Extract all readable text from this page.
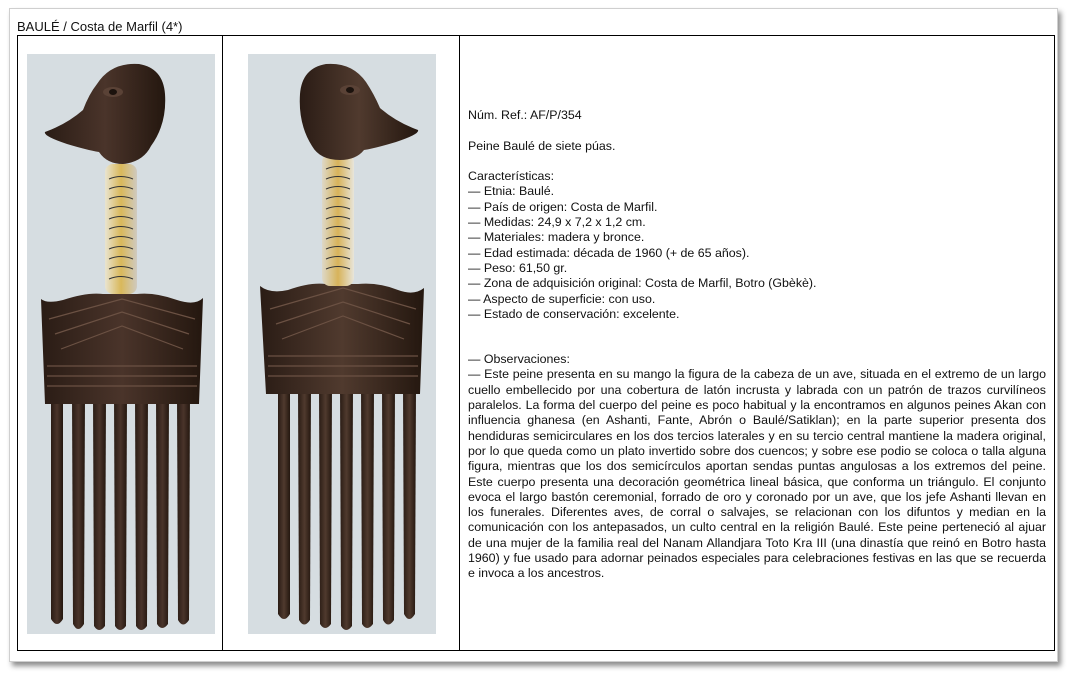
BAULÉ / Costa de Marfil (4*)

Núm. Ref.: AF/P/354

Peine Baulé de siete púas.

Características:

— Etnia: Baulé.

— País de origen: Costa de Marfil.

— Medidas: 24,9 x 7,2 x 1,2 cm.

— Materiales: madera y bronce.

— Edad estimada: década de 1960 (+ de 65 años).

— Peso: 61,50 gr.

— Zona de adquisición original: Costa de Marfil, Botro (Gbèkè).

— Aspecto de superficie: con uso.

— Estado de conservación: excelente.

— Observaciones:

— Este peine presenta en su mango la figura de la cabeza de un ave, situada en el extremo de un largo cuello embellecido por una cobertura de latón incrusta y labrada con un patrón de trazos curvilíneos paralelos. La forma del cuerpo del peine es poco habitual y la encontramos en algunos peines Akan con influencia ghanesa (en Ashanti, Fante, Abrón o Baulé/Satiklan); en la parte superior presenta dos hendiduras semicirculares en los dos tercios laterales y en su tercio central mantiene la madera original, por lo que queda como un plato invertido sobre dos cuencos; y sobre ese podio se coloca o talla alguna figura, mientras que los dos semicírculos aportan sendas puntas angulosas a los extremos del peine. Este cuerpo presenta una decoración geométrica lineal básica, que conforma un triángulo. El conjunto evoca el largo bastón ceremonial, forrado de oro y coronado por un ave, que los jefe Ashanti llevan en los funerales. Diferentes aves, de corral o salvajes, se relacionan con los difuntos y median en la comunicación con los antepasados, un culto central en la religión Baulé. Este peine perteneció al ajuar de una mujer de la familia real del Nanam Allandjara Toto Kra III (una dinastía que reinó en Botro hasta 1960) y fue usado para adornar peinados especiales para celebraciones festivas en las que se recuerda e invoca a los ancestros.
